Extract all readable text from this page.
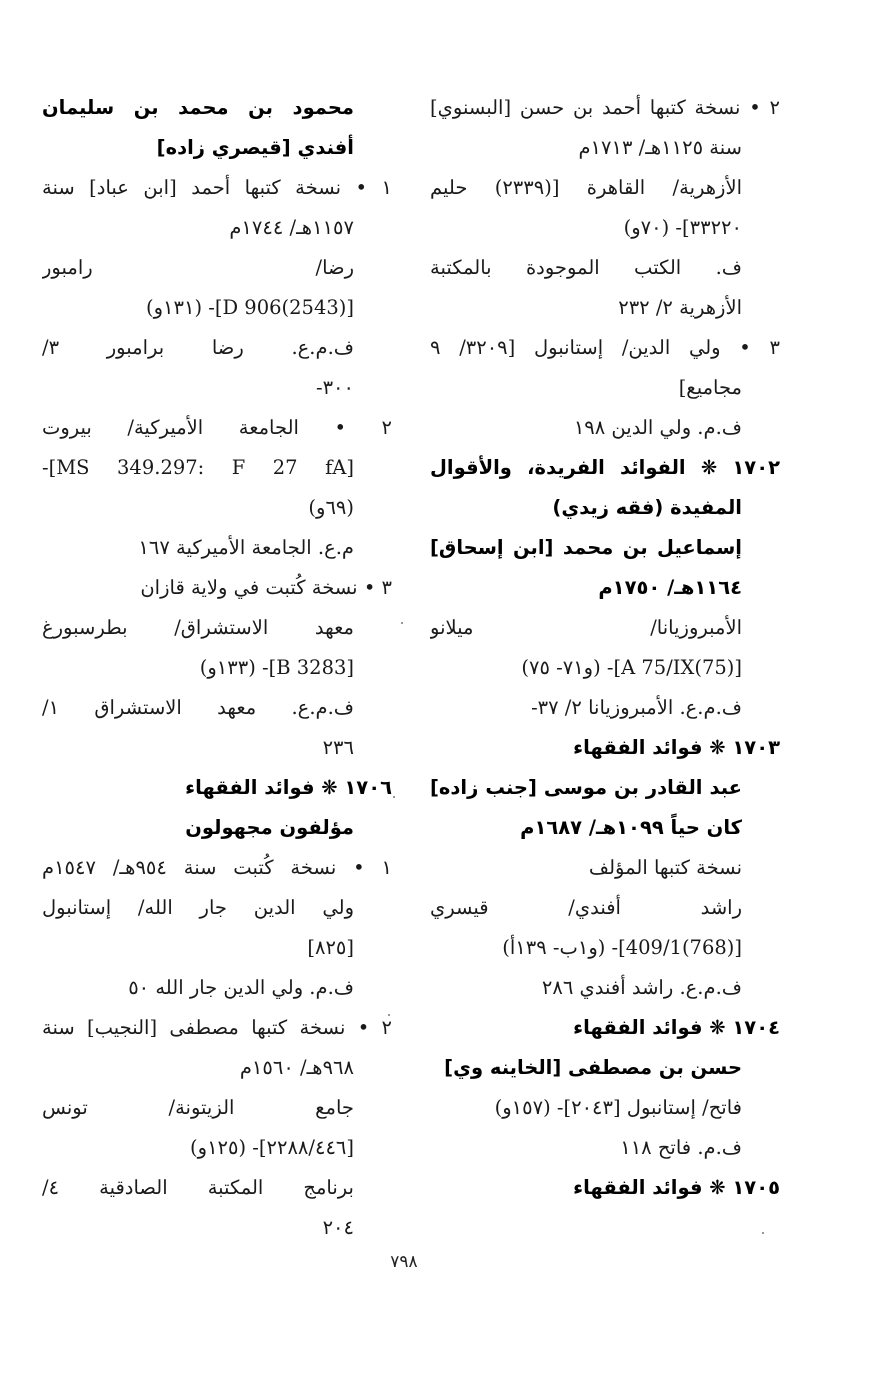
٢ • نسخة كتبها أحمد بن حسن [البسنوي]
سنة ١١٢٥هـ/ ١٧١٣م
الأزهرية/ القاهرة [(٢٣٣٩) حليم
٣٣٢٢٠]- (٧٠و)
ف. الكتب الموجودة بالمكتبة
الأزهرية ٢/ ٢٣٢
٣ • ولي الدين/ إستانبول [٣٢٠٩/ ٩
مجاميع]
ف.م. ولي الدين ١٩٨
١٧٠٢ ❋ الفوائد الفريدة، والأقوال
المفيدة (فقه زيدي)
إسماعيل بن محمد [ابن إسحاق]
١١٦٤هـ/ ١٧٥٠م
الأمبروزيانا/ ميلانو
[(75)A 75/IX]- (و٧١- ٧٥)
ف.م.ع. الأمبروزيانا ٢/ ٣٧-
١٧٠٣ ❋ فوائد الفقهاء
عبد القادر بن موسى [جنب زاده]
كان حياً ١٠٩٩هـ/ ١٦٨٧م
نسخة كتبها المؤلف
راشد أفندي/ قيسري
[(768)409/1]- (و١ب- ١٣٩أ)
ف.م.ع. راشد أفندي ٢٨٦
١٧٠٤ ❋ فوائد الفقهاء
حسن بن مصطفى [الخاينه وي]
فاتح/ إستانبول [٢٠٤٣]- (١٥٧و)
ف.م. فاتح ١١٨
١٧٠٥ ❋ فوائد الفقهاء
محمود بن محمد بن سليمان
أفندي [قيصري زاده]
١ • نسخة كتبها أحمد [ابن عباد] سنة
١١٥٧هـ/ ١٧٤٤م
رضا/ رامبور
[(2543)906 D]- (١٣١و)
ف.م.ع. رضا برامبور ٣/
٣٠٠-
٢ • الجامعة الأميركية/ بيروت
[MS 349.297: F 27 fA]-
(٦٩و)
م.ع. الجامعة الأميركية ١٦٧
٣ • نسخة كُتبت في ولاية قازان
معهد الاستشراق/ بطرسبورغ
[B 3283]- (١٣٣و)
ف.م.ع. معهد الاستشراق ١/
٢٣٦
١٧٠٦ ❋ فوائد الفقهاء
مؤلفون مجهولون
١ • نسخة كُتبت سنة ٩٥٤هـ/ ١٥٤٧م
ولي الدين جار الله/ إستانبول
[٨٢٥]
ف.م. ولي الدين جار الله ٥٠
٢ • نسخة كتبها مصطفى [النجيب] سنة
٩٦٨هـ/ ١٥٦٠م
جامع الزيتونة/ تونس
[٢٢٨٨/٤٤٦]- (١٢٥و)
برنامج المكتبة الصادقية ٤/
٢٠٤
٧٩٨
